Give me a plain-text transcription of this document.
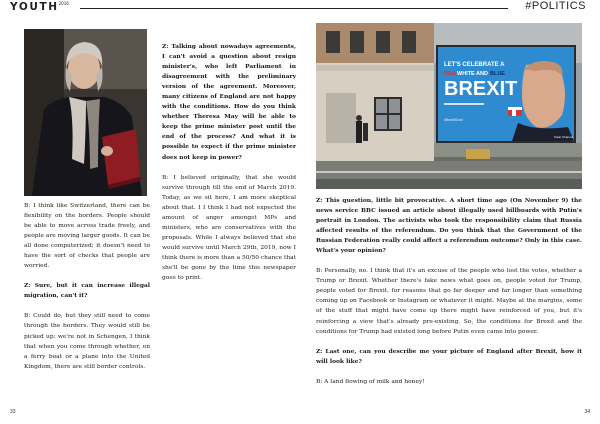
$YOUTH^{2016}$	#POLITICS
LET'S CELEBRATE A
RED WHITE AND BLUE
BREXIT
#BrexitSoon
Clear Channel

B: I think like Switzerland, there can be flexibility on the borders. People should be able to move across trade freely, and people are moving larger goods. It can be all done computerized; it doesn't need to have the sort of checks that people are worried.

Z: Sure, but it can increase illegal migration, can't it?

B: Could do, but they still need to come through the borders. They would still be picked up; we're not in Schengen, I think that when you come through whether, on a ferry boat or a plane into the United Kingdom, there are still border controls.

Z: Talking about nowadays agreements, I can't avoid a question about resign minister's, who left Parliament in disagreement with the preliminary version of the agreement. Moreover, many citizens of England are not happy with the conditions. How do you think whether Theresa May will be able to keep the prime minister post until the end of the process? And what it is possible to expect if the prime minister does not keep in power?

B: I believed originally, that she would survive through till the end of March 2019. Today, as we sit here, I am more skeptical about that. I I think I had not expected the amount of anger amongst MPs and ministers, who are conservatives with the proposals. While I always believed that she would survive until March 29th, 2019, now I think there is more than a 50/50 chance that she'll be gone by the time this newspaper goes to print.

Z: This question, little bit provocative. A short time ago (On November 9) the news service BBC issued an article about illegally used billboards with Putin's portrait in London. The activists who took the responsibility claim that Russia affected results of the referendum. Do you think that the Government of the Russian Federation really could affect a referendum outcome? Only in this case. What's your opinion?

B: Personally, no. I think that it's an excuse of the people who lost the votes, whether a Trump or Brexit. Whether there's fake news what goes on, people voted for Trump, people voted for Brexit, for reasons that go far deeper and far longer than something coming up on Facebook or Instagram or whatever it might. Maybe at the margins, some of the stuff that might have come up there might have reinforced of you, but it's reinforcing a view that's already pre-existing. So, the conditions for Brexit and the conditions for Trump had existed long before Putin even came into power.

Z: Last one, can you describe me your picture of England after Brexit, how it will look like?

B: A land flowing of milk and honey!

33	34
